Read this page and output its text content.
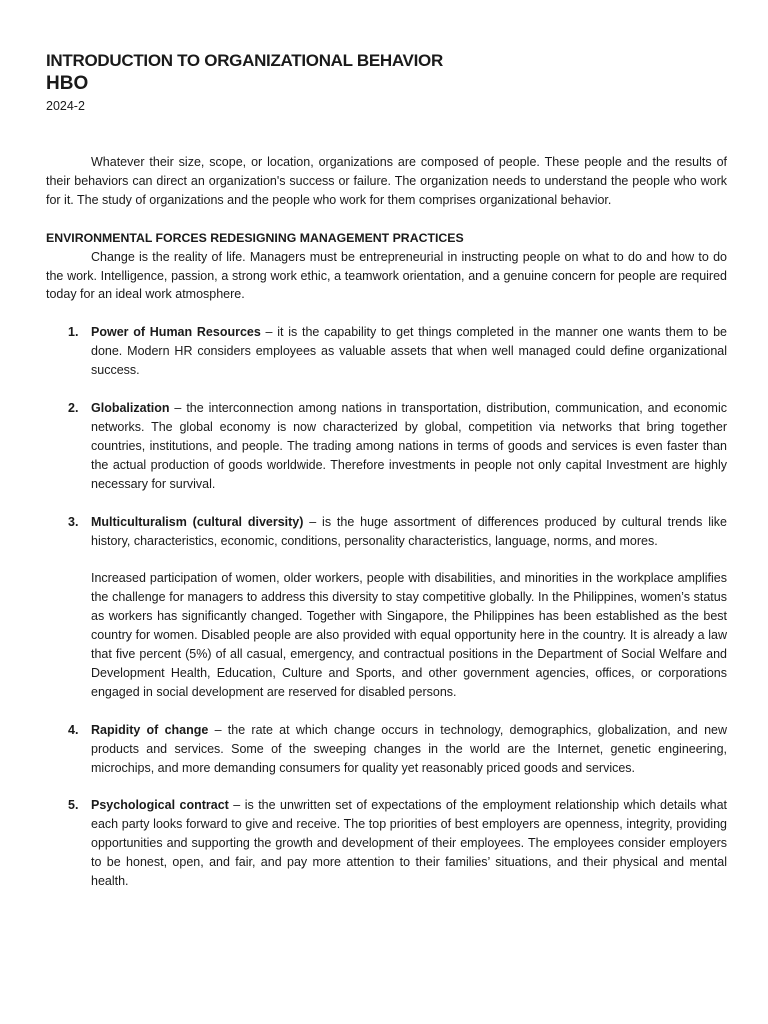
INTRODUCTION TO ORGANIZATIONAL BEHAVIOR
HBO
2024-2

Whatever their size, scope, or location, organizations are composed of people. These people and the results of their behaviors can direct an organization's success or failure. The organization needs to understand the people who work for it. The study of organizations and the people who work for them comprises organizational behavior.

ENVIRONMENTAL FORCES REDESIGNING MANAGEMENT PRACTICES

Change is the reality of life. Managers must be entrepreneurial in instructing people on what to do and how to do the work. Intelligence, passion, a strong work ethic, a teamwork orientation, and a genuine concern for people are required today for an ideal work atmosphere.

1. Power of Human Resources – it is the capability to get things completed in the manner one wants them to be done. Modern HR considers employees as valuable assets that when well managed could define organizational success.

2. Globalization – the interconnection among nations in transportation, distribution, communication, and economic networks. The global economy is now characterized by global, competition via networks that bring together countries, institutions, and people. The trading among nations in terms of goods and services is even faster than the actual production of goods worldwide. Therefore investments in people not only capital Investment are highly necessary for survival.

3. Multiculturalism (cultural diversity) – is the huge assortment of differences produced by cultural trends like history, characteristics, economic, conditions, personality characteristics, language, norms, and mores.

Increased participation of women, older workers, people with disabilities, and minorities in the workplace amplifies the challenge for managers to address this diversity to stay competitive globally. In the Philippines, women’s status as workers has significantly changed. Together with Singapore, the Philippines has been established as the best country for women. Disabled people are also provided with equal opportunity here in the country. It is already a law that five percent (5%) of all casual, emergency, and contractual positions in the Department of Social Welfare and Development Health, Education, Culture and Sports, and other government agencies, offices, or corporations engaged in social development are reserved for disabled persons.

4. Rapidity of change – the rate at which change occurs in technology, demographics, globalization, and new products and services. Some of the sweeping changes in the world are the Internet, genetic engineering, microchips, and more demanding consumers for quality yet reasonably priced goods and services.

5. Psychological contract – is the unwritten set of expectations of the employment relationship which details what each party looks forward to give and receive. The top priorities of best employers are openness, integrity, providing opportunities and supporting the growth and development of their employees. The employees consider employers to be honest, open, and fair, and pay more attention to their families’ situations, and their physical and mental health.
